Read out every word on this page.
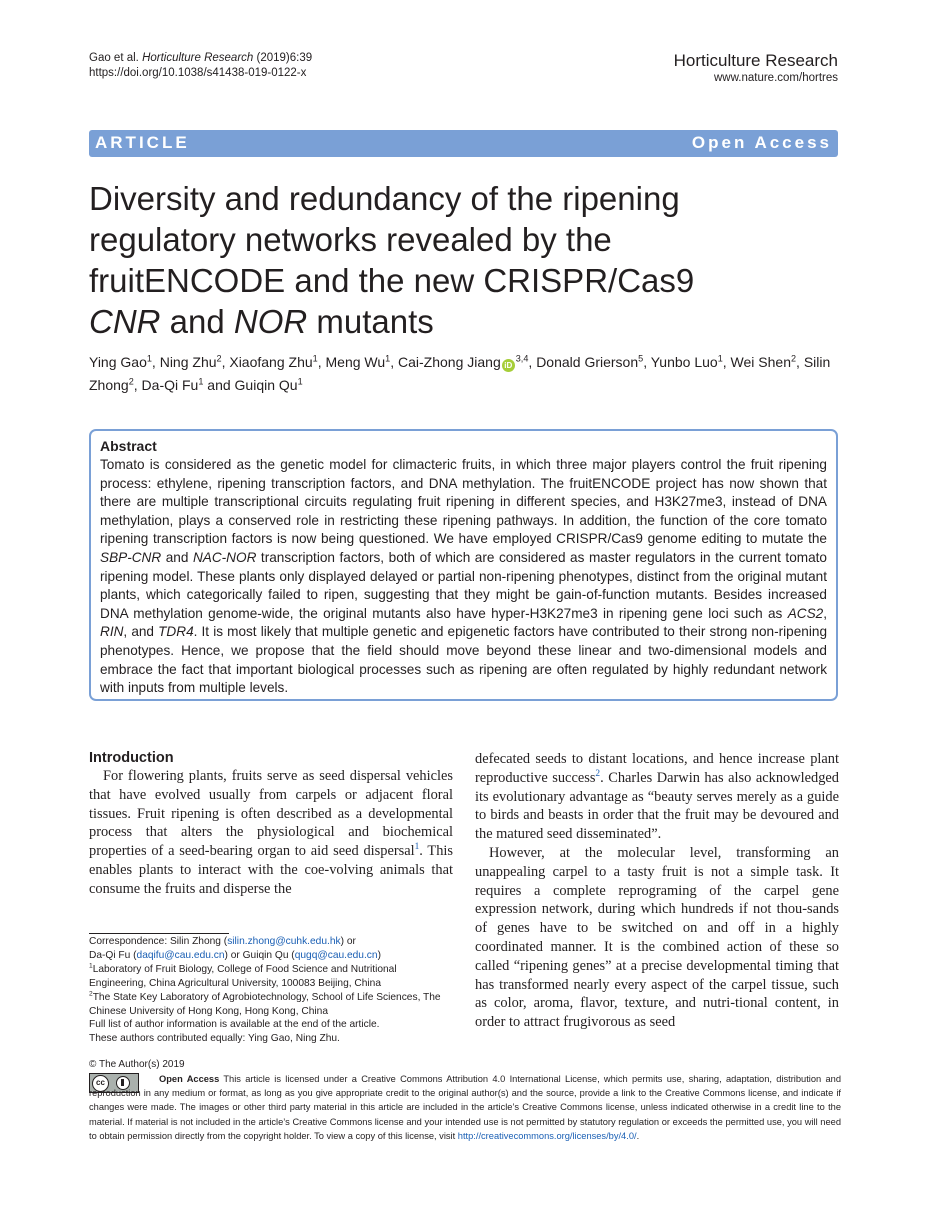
Gao et al. Horticulture Research (2019)6:39
https://doi.org/10.1038/s41438-019-0122-x
Horticulture Research
www.nature.com/hortres
ARTICLE	Open Access
Diversity and redundancy of the ripening
regulatory networks revealed by the
fruitENCODE and the new CRISPR/Cas9
CNR and NOR mutants
Ying Gao$^1$, Ning Zhu$^2$, Xiaofang Zhu$^1$, Meng Wu$^1$, Cai-Zhong Jiang iD$^{3,4}$, Donald Grierson$^5$, Yunbo Luo$^1$, Wei Shen$^2$, Silin Zhong$^2$, Da-Qi Fu$^1$ and Guiqin Qu$^1$
Abstract
Tomato is considered as the genetic model for climacteric fruits, in which three major players control the fruit ripening process: ethylene, ripening transcription factors, and DNA methylation. The fruitENCODE project has now shown that there are multiple transcriptional circuits regulating fruit ripening in different species, and H3K27me3, instead of DNA methylation, plays a conserved role in restricting these ripening pathways. In addition, the function of the core tomato ripening transcription factors is now being questioned. We have employed CRISPR/Cas9 genome editing to mutate the SBP-CNR and NAC-NOR transcription factors, both of which are considered as master regulators in the current tomato ripening model. These plants only displayed delayed or partial non-ripening phenotypes, distinct from the original mutant plants, which categorically failed to ripen, suggesting that they might be gain-of-function mutants. Besides increased DNA methylation genome-wide, the original mutants also have hyper-H3K27me3 in ripening gene loci such as ACS2, RIN, and TDR4. It is most likely that multiple genetic and epigenetic factors have contributed to their strong non-ripening phenotypes. Hence, we propose that the field should move beyond these linear and two-dimensional models and embrace the fact that important biological processes such as ripening are often regulated by highly redundant network with inputs from multiple levels.
Introduction

For flowering plants, fruits serve as seed dispersal vehicles that have evolved usually from carpels or adjacent floral tissues. Fruit ripening is often described as a developmental process that alters the physiological and biochemical properties of a seed-bearing organ to aid seed dispersal$^1$. This enables plants to interact with the coe-volving animals that consume the fruits and disperse the

defecated seeds to distant locations, and hence increase plant reproductive success$^2$. Charles Darwin has also acknowledged its evolutionary advantage as “beauty serves merely as a guide to birds and beasts in order that the fruit may be devoured and the matured seed disseminated”.

However, at the molecular level, transforming an unappealing carpel to a tasty fruit is not a simple task. It requires a complete reprograming of the carpel gene expression network, during which hundreds if not thou-sands of genes have to be switched on and off in a highly coordinated manner. It is the combined action of these so called “ripening genes” at a precise developmental timing that has transformed nearly every aspect of the carpel tissue, such as color, aroma, flavor, texture, and nutri-tional content, in order to attract frugivorous as seed

Correspondence: Silin Zhong (silin.zhong@cuhk.edu.hk) or
Da-Qi Fu (daqifu@cau.edu.cn) or Guiqin Qu (qugq@cau.edu.cn)
$^1$Laboratory of Fruit Biology, College of Food Science and Nutritional Engineering, China Agricultural University, 100083 Beijing, China
$^2$The State Key Laboratory of Agrobiotechnology, School of Life Sciences, The Chinese University of Hong Kong, Hong Kong, China
Full list of author information is available at the end of the article.
These authors contributed equally: Ying Gao, Ning Zhu.
© The Author(s) 2019
cc	Open Access This article is licensed under a Creative Commons Attribution 4.0 International License, which permits use, sharing, adaptation, distribution and reproduction in any medium or format, as long as you give appropriate credit to the original author(s) and the source, provide a link to the Creative Commons license, and indicate if changes were made. The images or other third party material in this article are included in the article’s Creative Commons license, unless indicated otherwise in a credit line to the material. If material is not included in the article’s Creative Commons license and your intended use is not permitted by statutory regulation or exceeds the permitted use, you will need to obtain permission directly from the copyright holder. To view a copy of this license, visit http://creativecommons.org/licenses/by/4.0/.
